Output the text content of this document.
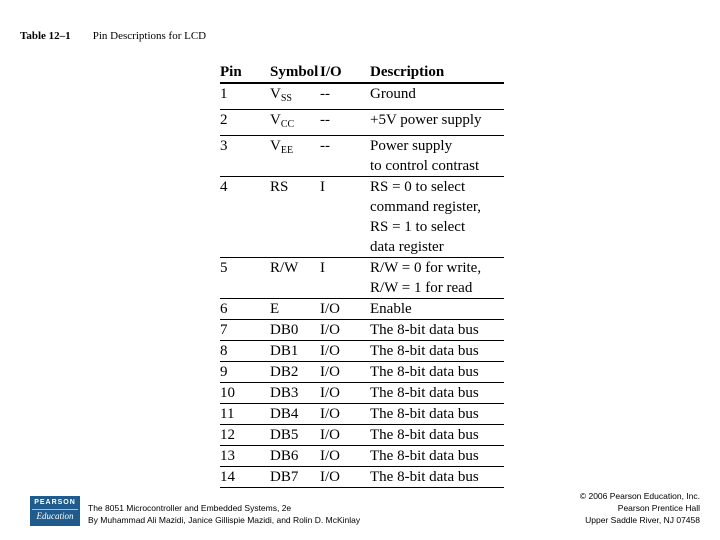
Table 12–1 Pin Descriptions for LCD
Pin	Symbol	I/O	Description
1	$V_{SS}$	--	Ground

2	$V_{CC}$	--	+5V power supply

3	$V_{EE}$	--	Power supply
to control contrast

4	RS	I	RS = 0 to select
command register,
RS = 1 to select
data register

5	R/W	I	R/W = 0 for write,
R/W = 1 for read

6	E	I/O	Enable

7	DB0	I/O	The 8-bit data bus

8	DB1	I/O	The 8-bit data bus

9	DB2	I/O	The 8-bit data bus

10	DB3	I/O	The 8-bit data bus

11	DB4	I/O	The 8-bit data bus

12	DB5	I/O	The 8-bit data bus

13	DB6	I/O	The 8-bit data bus

14	DB7	I/O	The 8-bit data bus
PEARSON
Education
The 8051 Microcontroller and Embedded Systems, 2e
By Muhammad Ali Mazidi, Janice Gillispie Mazidi, and Rolin D. McKinlay
© 2006 Pearson Education, Inc.
Pearson Prentice Hall
Upper Saddle River, NJ 07458
